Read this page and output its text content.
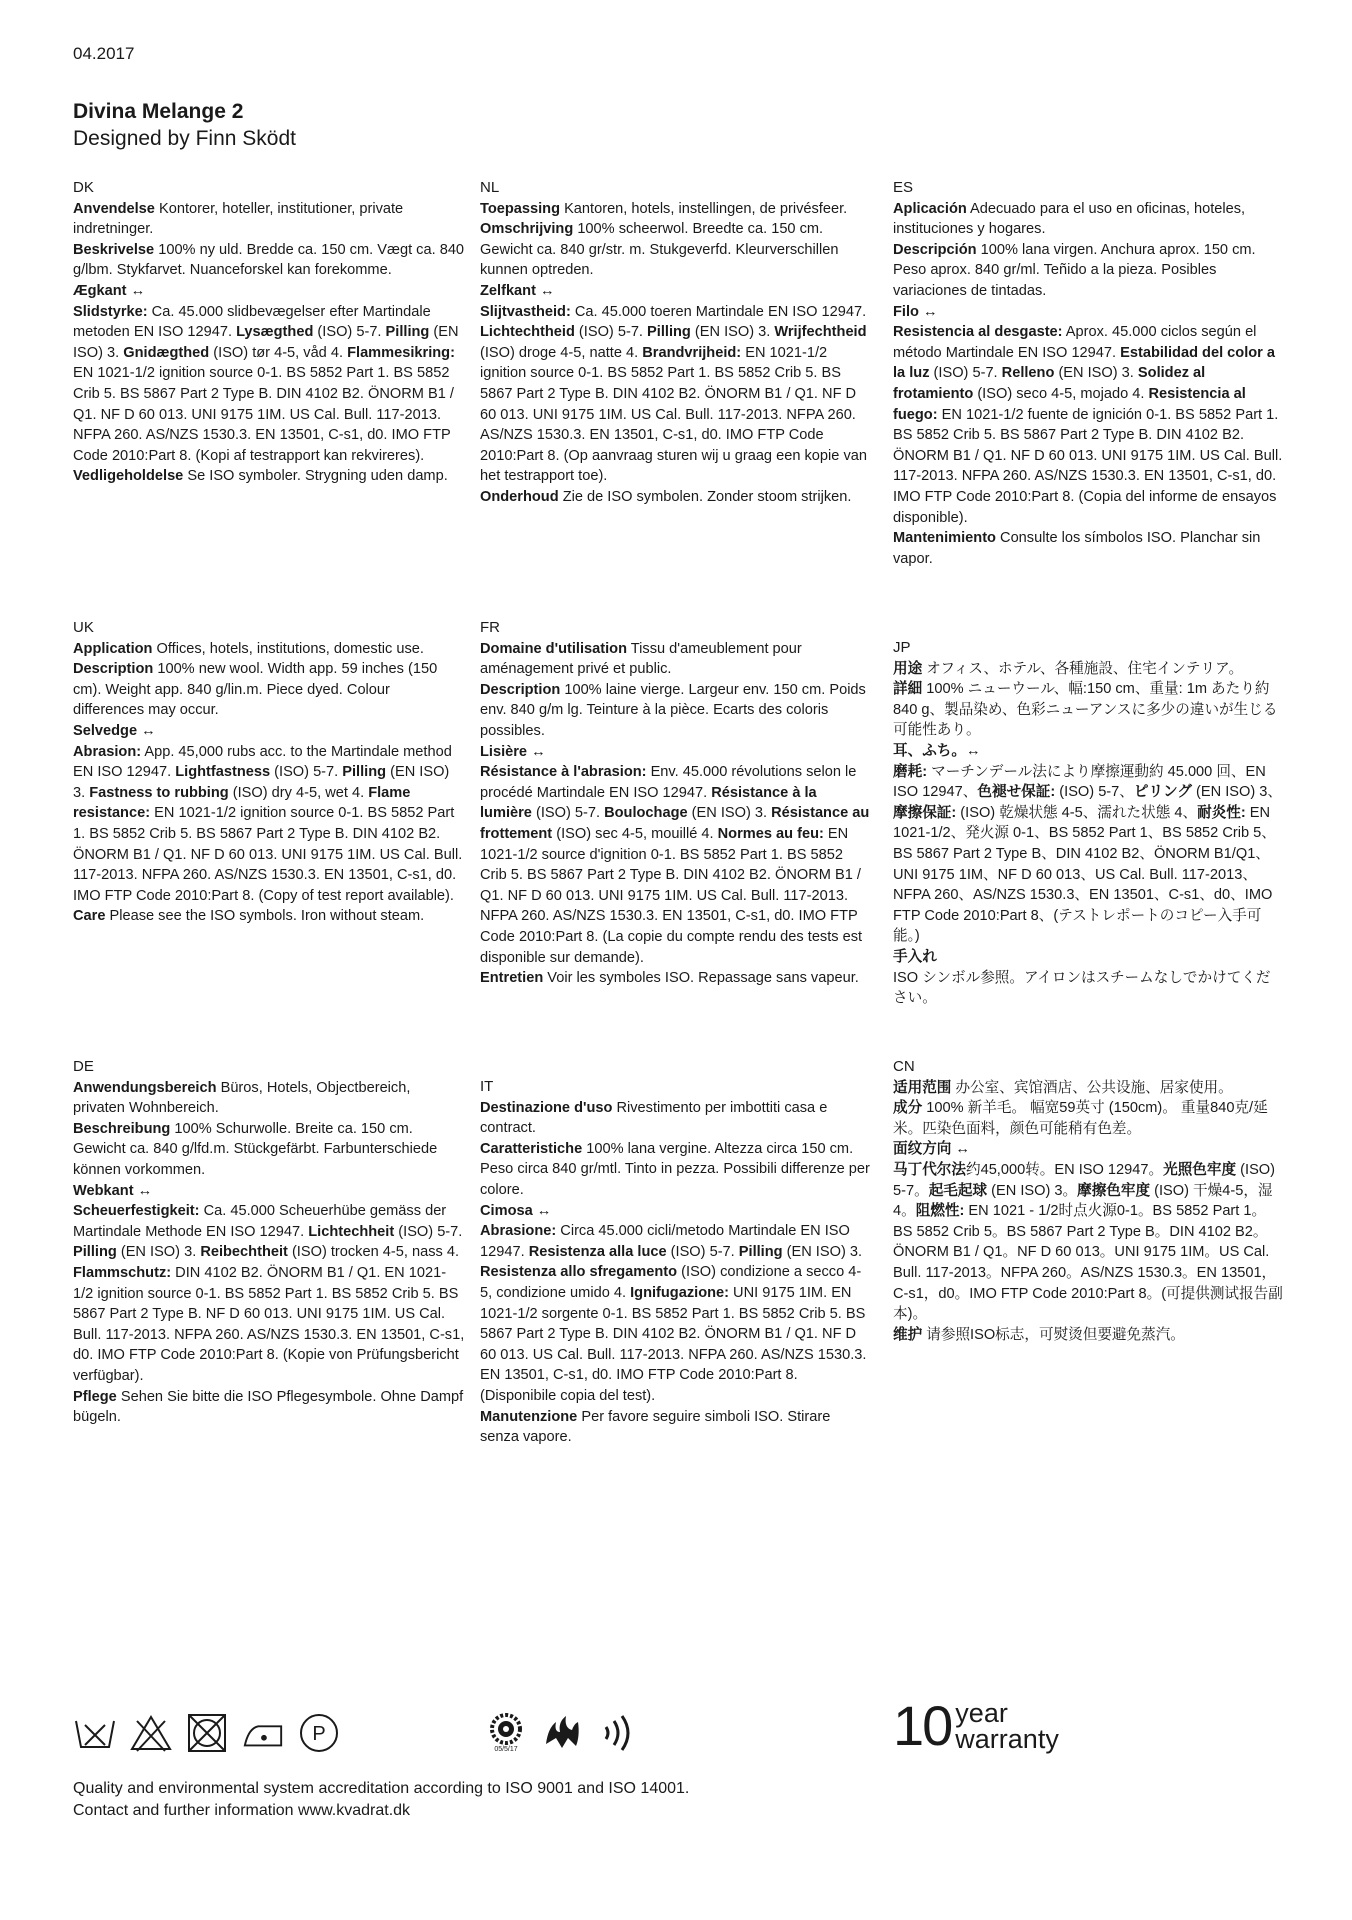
04.2017
Divina Melange 2
Designed by Finn Sködt
DK

Anvendelse Kontorer, hoteller, institutioner, private indretninger.
Beskrivelse 100% ny uld. Bredde ca. 150 cm. Vægt ca. 840 g/lbm. Stykfarvet. Nuanceforskel kan forekomme.
Ægkant ↔
Slidstyrke: Ca. 45.000 slidbevægelser efter Martindale metoden EN ISO 12947. Lysægthed (ISO) 5-7. Pilling (EN ISO) 3. Gnidægthed (ISO) tør 4-5, våd 4. Flammesikring: EN 1021-1/2 ignition source 0-1. BS 5852 Part 1. BS 5852 Crib 5. BS 5867 Part 2 Type B. DIN 4102 B2. ÖNORM B1 / Q1. NF D 60 013. UNI 9175 1IM. US Cal. Bull. 117-2013. NFPA 260. AS/NZS 1530.3. EN 13501, C-s1, d0. IMO FTP Code 2010:Part 8. (Kopi af testrapport kan rekvireres).
Vedligeholdelse Se ISO symboler. Strygning uden damp.

UK

Application Offices, hotels, institutions, domestic use.
Description 100% new wool. Width app. 59 inches (150 cm). Weight app. 840 g/lin.m. Piece dyed. Colour differences may occur.
Selvedge ↔
Abrasion: App. 45,000 rubs acc. to the Martindale method EN ISO 12947. Lightfastness (ISO) 5-7. Pilling (EN ISO) 3. Fastness to rubbing (ISO) dry 4-5, wet 4. Flame resistance: EN 1021-1/2 ignition source 0-1. BS 5852 Part 1. BS 5852 Crib 5. BS 5867 Part 2 Type B. DIN 4102 B2. ÖNORM B1 / Q1. NF D 60 013. UNI 9175 1IM. US Cal. Bull. 117-2013. NFPA 260. AS/NZS 1530.3. EN 13501, C-s1, d0. IMO FTP Code 2010:Part 8. (Copy of test report available).
Care Please see the ISO symbols. Iron without steam.

DE

Anwendungsbereich Büros, Hotels, Objectbereich, privaten Wohnbereich.
Beschreibung 100% Schurwolle. Breite ca. 150 cm. Gewicht ca. 840 g/lfd.m. Stückgefärbt. Farbunterschiede können vorkommen.
Webkant ↔
Scheuerfestigkeit: Ca. 45.000 Scheuerhübe gemäss der Martindale Methode EN ISO 12947. Lichtechheit (ISO) 5-7. Pilling (EN ISO) 3. Reibechtheit (ISO) trocken 4-5, nass 4. Flammschutz: DIN 4102 B2. ÖNORM B1 / Q1. EN 1021-1/2 ignition source 0-1. BS 5852 Part 1. BS 5852 Crib 5. BS 5867 Part 2 Type B. NF D 60 013. UNI 9175 1IM. US Cal. Bull. 117-2013. NFPA 260. AS/NZS 1530.3. EN 13501, C-s1, d0. IMO FTP Code 2010:Part 8. (Kopie von Prüfungsbericht verfügbar).
Pflege Sehen Sie bitte die ISO Pflegesymbole. Ohne Dampf bügeln.

NL

Toepassing Kantoren, hotels, instellingen, de privésfeer.
Omschrijving 100% scheerwol. Breedte ca. 150 cm. Gewicht ca. 840 gr/str. m. Stukgeverfd. Kleurverschillen kunnen optreden.
Zelfkant ↔
Slijtvastheid: Ca. 45.000 toeren Martindale EN ISO 12947. Lichtechtheid (ISO) 5-7. Pilling (EN ISO) 3. Wrijfechtheid (ISO) droge 4-5, natte 4. Brandvrijheid: EN 1021-1/2 ignition source 0-1. BS 5852 Part 1. BS 5852 Crib 5. BS 5867 Part 2 Type B. DIN 4102 B2. ÖNORM B1 / Q1. NF D 60 013. UNI 9175 1IM. US Cal. Bull. 117-2013. NFPA 260. AS/NZS 1530.3. EN 13501, C-s1, d0. IMO FTP Code 2010:Part 8. (Op aanvraag sturen wij u graag een kopie van het testrapport toe).
Onderhoud Zie de ISO symbolen. Zonder stoom strijken.

FR

Domaine d'utilisation Tissu d'ameublement pour aménagement privé et public.
Description 100% laine vierge. Largeur env. 150 cm. Poids env. 840 g/m lg. Teinture à la pièce. Ecarts des coloris possibles.
Lisière ↔
Résistance à l'abrasion: Env. 45.000 révolutions selon le procédé Martindale EN ISO 12947. Résistance à la lumière (ISO) 5-7. Boulochage (EN ISO) 3. Résistance au frottement (ISO) sec 4-5, mouillé 4. Normes au feu: EN 1021-1/2 source d'ignition 0-1. BS 5852 Part 1. BS 5852 Crib 5. BS 5867 Part 2 Type B. DIN 4102 B2. ÖNORM B1 / Q1. NF D 60 013. UNI 9175 1IM. US Cal. Bull. 117-2013. NFPA 260. AS/NZS 1530.3. EN 13501, C-s1, d0. IMO FTP Code 2010:Part 8. (La copie du compte rendu des tests est disponible sur demande).
Entretien Voir les symboles ISO. Repassage sans vapeur.

IT

Destinazione d'uso Rivestimento per imbottiti casa e contract.
Caratteristiche 100% lana vergine. Altezza circa 150 cm. Peso circa 840 gr/mtl. Tinto in pezza. Possibili differenze per colore.
Cimosa ↔
Abrasione: Circa 45.000 cicli/metodo Martindale EN ISO 12947. Resistenza alla luce (ISO) 5-7. Pilling (EN ISO) 3. Resistenza allo sfregamento (ISO) condizione a secco 4-5, condizione umido 4. Ignifugazione: UNI 9175 1IM. EN 1021-1/2 sorgente 0-1. BS 5852 Part 1. BS 5852 Crib 5. BS 5867 Part 2 Type B. DIN 4102 B2. ÖNORM B1 / Q1. NF D 60 013. US Cal. Bull. 117-2013. NFPA 260. AS/NZS 1530.3. EN 13501, C-s1, d0. IMO FTP Code 2010:Part 8. (Disponibile copia del test).
Manutenzione Per favore seguire simboli ISO. Stirare senza vapore.

ES

Aplicación Adecuado para el uso en oficinas, hoteles, instituciones y hogares.
Descripción 100% lana virgen. Anchura aprox. 150 cm. Peso aprox. 840 gr/ml. Teñido a la pieza. Posibles variaciones de tintadas.
Filo ↔
Resistencia al desgaste: Aprox. 45.000 ciclos según el método Martindale EN ISO 12947. Estabilidad del color a la luz (ISO) 5-7. Relleno (EN ISO) 3. Solidez al frotamiento (ISO) seco 4-5, mojado 4. Resistencia al fuego: EN 1021-1/2 fuente de ignición 0-1. BS 5852 Part 1. BS 5852 Crib 5. BS 5867 Part 2 Type B. DIN 4102 B2. ÖNORM B1 / Q1. NF D 60 013. UNI 9175 1IM. US Cal. Bull. 117-2013. NFPA 260. AS/NZS 1530.3. EN 13501, C-s1, d0. IMO FTP Code 2010:Part 8. (Copia del informe de ensayos disponible).
Mantenimiento Consulte los símbolos ISO. Planchar sin vapor.

JP

用途 オフィス、ホテル、各種施設、住宅インテリア。
詳細 100% ニューウール、幅:150 cm、重量: 1m あたり約 840 g、製品染め、色彩ニューアンスに多少の違いが生じる可能性あり。
耳、ふち。↔
磨耗: マーチンデール法により摩擦運動約 45.000 回、EN ISO 12947、色褪せ保証: (ISO) 5-7、ピリング (EN ISO) 3、摩擦保証: (ISO) 乾燥状態 4-5、濡れた状態 4、耐炎性: EN 1021-1/2、発火源 0-1、BS 5852 Part 1、BS 5852 Crib 5、BS 5867 Part 2 Type B、DIN 4102 B2、ÖNORM B1/Q1、UNI 9175 1IM、NF D 60 013、US Cal. Bull. 117-2013、NFPA 260、AS/NZS 1530.3、EN 13501、C-s1、d0、IMO FTP Code 2010:Part 8、(テストレポートのコピー入手可能。)
手入れ
ISO シンボル参照。アイロンはスチームなしでかけてください。

CN

适用范围 办公室、宾馆酒店、公共设施、居家使用。
成分 100% 新羊毛。 幅宽59英寸 (150cm)。 重量840克/延米。匹染色面料，颜色可能稍有色差。
面纹方向 ↔
马丁代尔法约45,000转。EN ISO 12947。光照色牢度 (ISO) 5-7。起毛起球 (EN ISO) 3。摩擦色牢度 (ISO) 干燥4-5，湿4。阻燃性: EN 1021 - 1/2时点火源0-1。BS 5852 Part 1。BS 5852 Crib 5。BS 5867 Part 2 Type B。DIN 4102 B2。ÖNORM B1 / Q1。NF D 60 013。UNI 9175 1IM。US Cal. Bull. 117-2013。NFPA 260。AS/NZS 1530.3。EN 13501，C-s1，d0。IMO FTP Code 2010:Part 8。(可提供测试报告副本)。
维护 请参照ISO标志，可熨烫但要避免蒸汽。

P
05/5/17	10 year
warranty
Quality and environmental system accreditation according to ISO 9001 and ISO 14001.
Contact and further information www.kvadrat.dk
